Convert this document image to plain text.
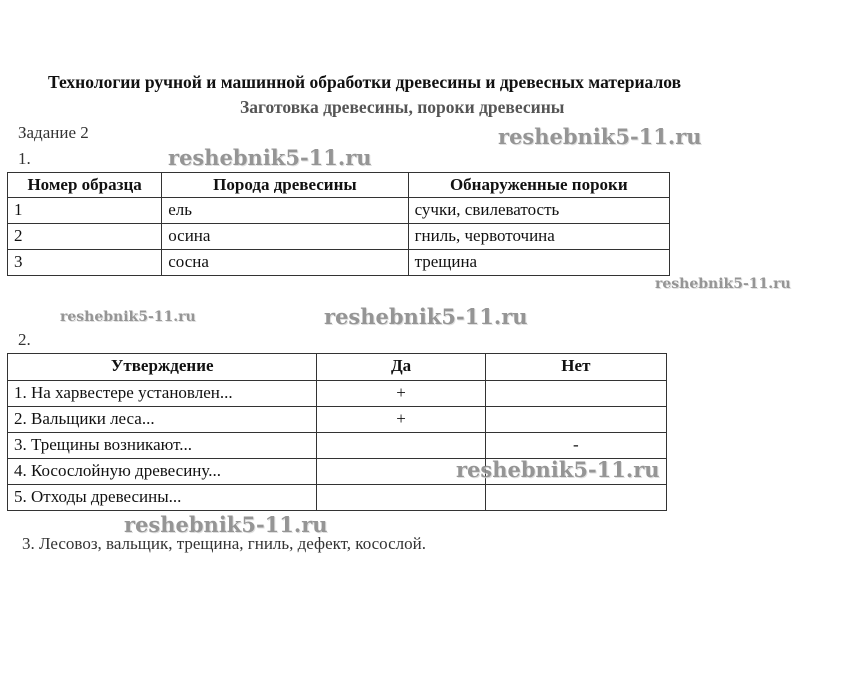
Технологии ручной и машинной обработки древесины и древесных материалов
Заготовка древесины, пороки древесины
Задание 2
1.
Номер образца	Порода древесины	Обнаруженные пороки
1	ель	сучки, свилеватость
2	осина	гниль, червоточина
3	сосна	трещина
2.
Утверждение	Да	Нет
1. На харвестере установлен...	+	
2. Вальщики леса...	+	
3. Трещины возникают...		-
4. Косослойную древесину...		
5. Отходы древесины...		
3. Лесовоз, вальщик, трещина, гниль, дефект, косослой.
reshebnik5-11.ru
reshebnik5-11.ru
reshebnik5-11.ru
reshebnik5-11.ru	reshebnik5-11.ru
reshebnik5-11.ru
reshebnik5-11.ru
